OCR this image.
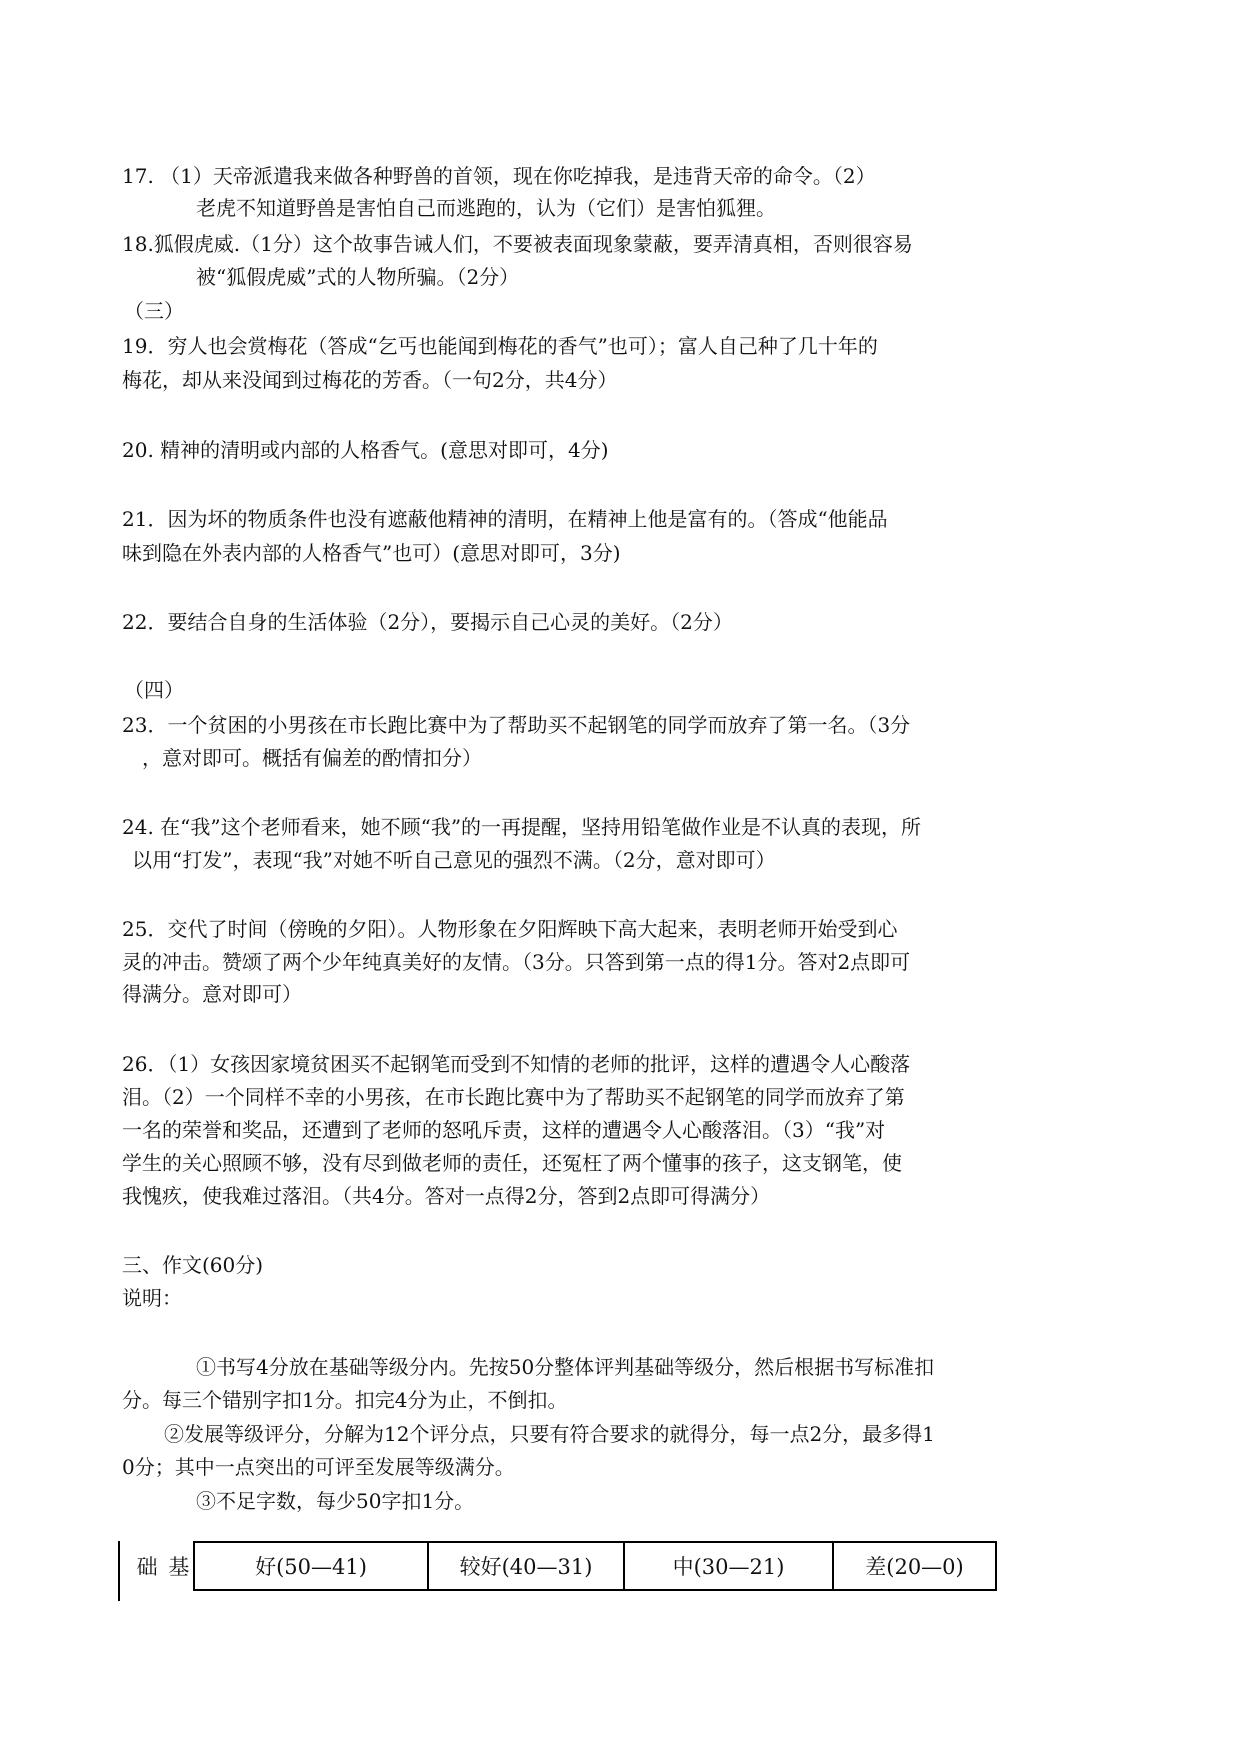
17. （1）天帝派遣我来做各种野兽的首领，现在你吃掉我，是违背天帝的命令。（2）
老虎不知道野兽是害怕自己而逃跑的，认为（它们）是害怕狐狸。
18.狐假虎威.（1分）这个故事告诫人们，不要被表面现象蒙蔽，要弄清真相，否则很容易
被“狐假虎威”式的人物所骗。（2分）
（三）
19．穷人也会赏梅花（答成“乞丐也能闻到梅花的香气”也可）；富人自己种了几十年的
梅花，却从来没闻到过梅花的芳香。（一句2分，共4分）
20. 精神的清明或内部的人格香气。(意思对即可，4分)
21．因为坏的物质条件也没有遮蔽他精神的清明，在精神上他是富有的。（答成“他能品
味到隐在外表内部的人格香气”也可）(意思对即可，3分)
22．要结合自身的生活体验（2分），要揭示自己心灵的美好。（2分）
（四）
23．一个贫困的小男孩在市长跑比赛中为了帮助买不起钢笔的同学而放弃了第一名。（3分
，意对即可。概括有偏差的酌情扣分）
24. 在“我”这个老师看来，她不顾“我”的一再提醒，坚持用铅笔做作业是不认真的表现，所
以用“打发”，表现“我”对她不听自己意见的强烈不满。（2分，意对即可）
25．交代了时间（傍晚的夕阳）。人物形象在夕阳辉映下高大起来，表明老师开始受到心
灵的冲击。赞颂了两个少年纯真美好的友情。（3分。只答到第一点的得1分。答对2点即可
得满分。意对即可）
26．（1）女孩因家境贫困买不起钢笔而受到不知情的老师的批评，这样的遭遇令人心酸落
泪。（2）一个同样不幸的小男孩，在市长跑比赛中为了帮助买不起钢笔的同学而放弃了第
一名的荣誉和奖品，还遭到了老师的怒吼斥责，这样的遭遇令人心酸落泪。（3）“我”对
学生的关心照顾不够，没有尽到做老师的责任，还冤枉了两个懂事的孩子，这支钢笔，使
我愧疚，使我难过落泪。（共4分。答对一点得2分，答到2点即可得满分）
三、作文(60分)
说明：
①书写4分放在基础等级分内。先按50分整体评判基础等级分，然后根据书写标准扣
分。每三个错别字扣1分。扣完4分为止，不倒扣。
②发展等级评分，分解为12个评分点，只要有符合要求的就得分，每一点2分，最多得1
0分；其中一点突出的可评至发展等级满分。
③不足字数，每少50字扣1分。
础 基	好(50—41)	较好(40—31)	中(30—21)	差(20—0)
